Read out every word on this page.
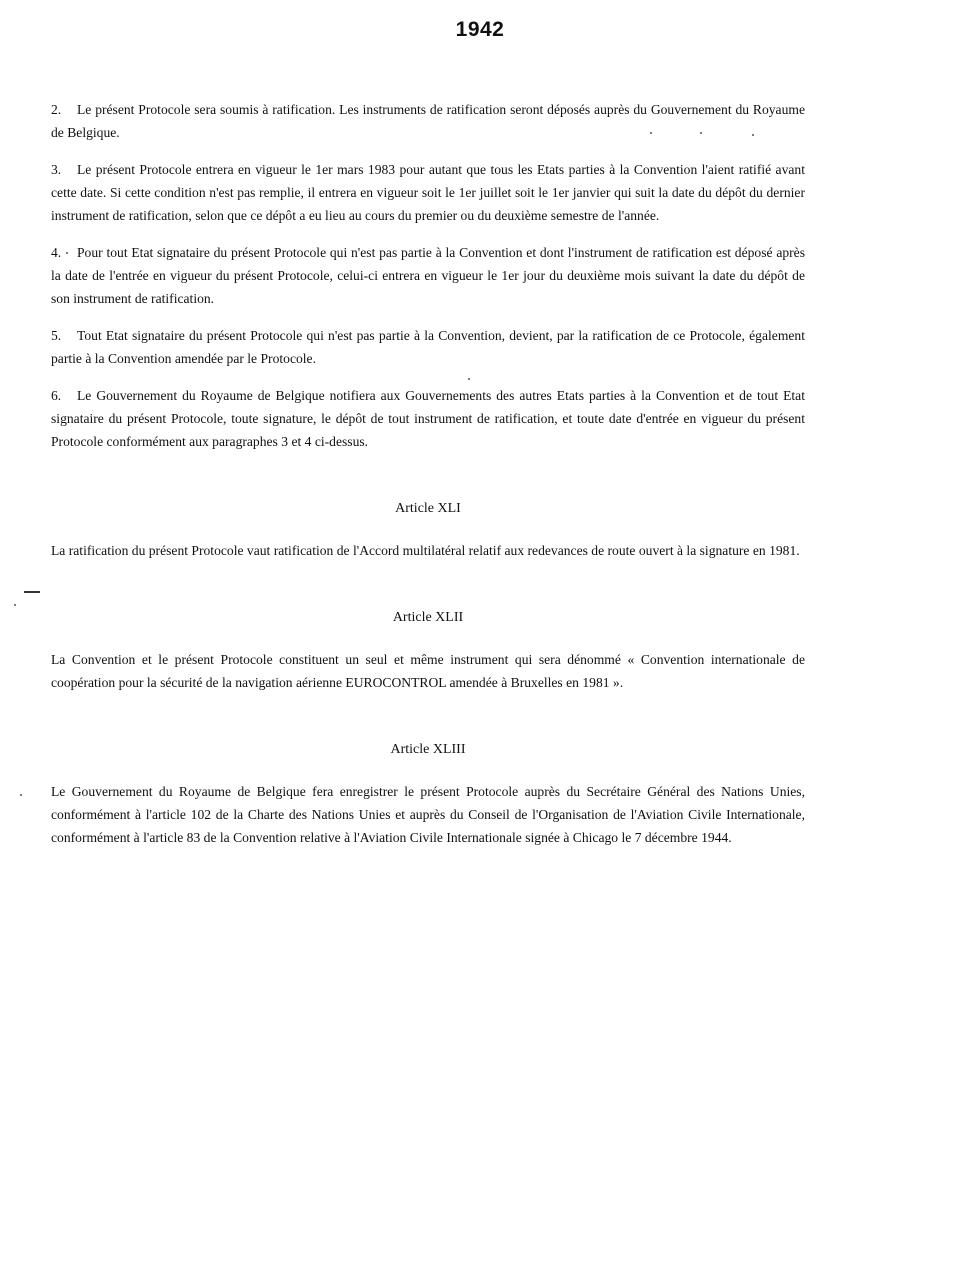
1942

2. Le présent Protocole sera soumis à ratification. Les instruments de ratification seront déposés auprès du Gouvernement du Royaume de Belgique.

3. Le présent Protocole entrera en vigueur le 1er mars 1983 pour autant que tous les Etats parties à la Convention l'aient ratifié avant cette date. Si cette condition n'est pas remplie, il entrera en vigueur soit le 1er juillet soit le 1er janvier qui suit la date du dépôt du dernier instrument de ratification, selon que ce dépôt a eu lieu au cours du premier ou du deuxième semestre de l'année.

4. Pour tout Etat signataire du présent Protocole qui n'est pas partie à la Convention et dont l'instrument de ratification est déposé après la date de l'entrée en vigueur du présent Protocole, celui-ci entrera en vigueur le 1er jour du deuxième mois suivant la date du dépôt de son instrument de ratification.

5. Tout Etat signataire du présent Protocole qui n'est pas partie à la Convention, devient, par la ratification de ce Protocole, également partie à la Convention amendée par le Protocole.

6. Le Gouvernement du Royaume de Belgique notifiera aux Gouvernements des autres Etats parties à la Convention et de tout Etat signataire du présent Protocole, toute signature, le dépôt de tout instrument de ratification, et toute date d'entrée en vigueur du présent Protocole conformément aux paragraphes 3 et 4 ci-dessus.

Article XLI

La ratification du présent Protocole vaut ratification de l'Accord multilatéral relatif aux redevances de route ouvert à la signature en 1981.

Article XLII

La Convention et le présent Protocole constituent un seul et même instrument qui sera dénommé « Convention internationale de coopération pour la sécurité de la navigation aérienne EUROCONTROL amendée à Bruxelles en 1981 ».

Article XLIII

Le Gouvernement du Royaume de Belgique fera enregistrer le présent Protocole auprès du Secrétaire Général des Nations Unies, conformément à l'article 102 de la Charte des Nations Unies et auprès du Conseil de l'Organisation de l'Aviation Civile Internationale, conformément à l'article 83 de la Convention relative à l'Aviation Civile Internationale signée à Chicago le 7 décembre 1944.
